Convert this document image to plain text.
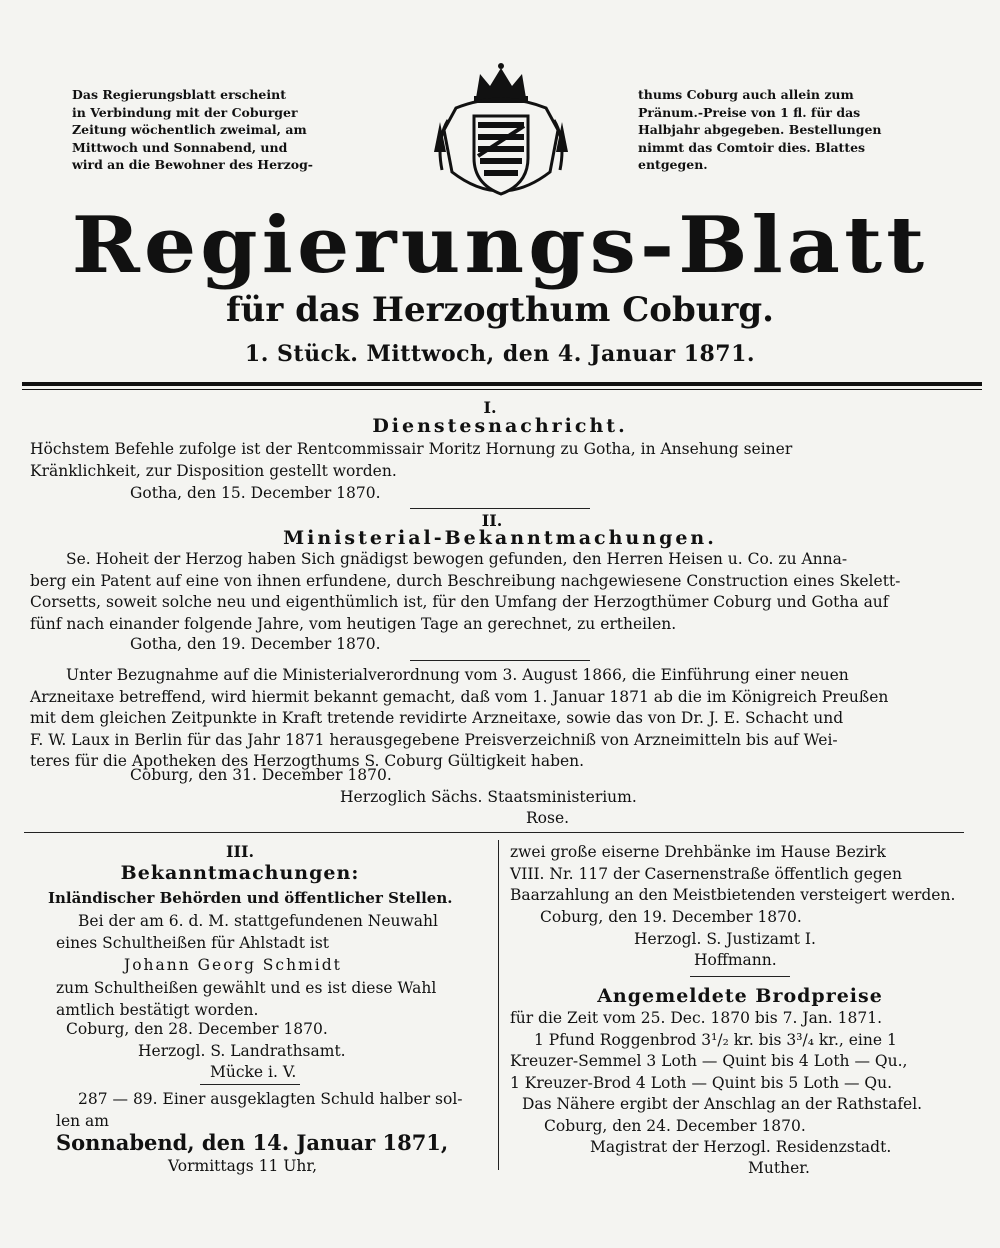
Das Regierungsblatt erscheint
in Verbindung mit der Coburger
Zeitung wöchentlich zweimal, am
Mittwoch und Sonnabend, und
wird an die Bewohner des Herzog-
thums Coburg auch allein zum
Pränum.-Preise von 1 fl. für das
Halbjahr abgegeben. Bestellungen
nimmt das Comtoir dies. Blattes
entgegen.
Regierungs-Blatt
für das Herzogthum Coburg.
1. Stück. Mittwoch, den 4. Januar 1871.
I.
Dienstesnachricht.
Höchstem Befehle zufolge ist der Rentcommissair Moritz Hornung zu Gotha, in Ansehung seiner
Kränklichkeit, zur Disposition gestellt worden.
Gotha, den 15. December 1870.
II.
Ministerial-Bekanntmachungen.
Se. Hoheit der Herzog haben Sich gnädigst bewogen gefunden, den Herren Heisen u. Co. zu Anna-
berg ein Patent auf eine von ihnen erfundene, durch Beschreibung nachgewiesene Construction eines Skelett-
Corsetts, soweit solche neu und eigenthümlich ist, für den Umfang der Herzogthümer Coburg und Gotha auf
fünf nach einander folgende Jahre, vom heutigen Tage an gerechnet, zu ertheilen.
Gotha, den 19. December 1870.
Unter Bezugnahme auf die Ministerialverordnung vom 3. August 1866, die Einführung einer neuen
Arzneitaxe betreffend, wird hiermit bekannt gemacht, daß vom 1. Januar 1871 ab die im Königreich Preußen
mit dem gleichen Zeitpunkte in Kraft tretende revidirte Arzneitaxe, sowie das von Dr. J. E. Schacht und
F. W. Laux in Berlin für das Jahr 1871 herausgegebene Preisverzeichniß von Arzneimitteln bis auf Wei-
teres für die Apotheken des Herzogthums S. Coburg Gültigkeit haben.
Coburg, den 31. December 1870.
Herzoglich Sächs. Staatsministerium.
Rose.
III.
Bekanntmachungen:
Inländischer Behörden und öffentlicher Stellen.
Bei der am 6. d. M. stattgefundenen Neuwahl
eines Schultheißen für Ahlstadt ist
Johann Georg Schmidt
zum Schultheißen gewählt und es ist diese Wahl
amtlich bestätigt worden.
Coburg, den 28. December 1870.
Herzogl. S. Landrathsamt.
Mücke i. V.
287 — 89. Einer ausgeklagten Schuld halber sol-
len am
Sonnabend, den 14. Januar 1871,
Vormittags 11 Uhr,
zwei große eiserne Drehbänke im Hause Bezirk
VIII. Nr. 117 der Casernenstraße öffentlich gegen
Baarzahlung an den Meistbietenden versteigert werden.
Coburg, den 19. December 1870.
Herzogl. S. Justizamt I.
Hoffmann.
Angemeldete Brodpreise
für die Zeit vom 25. Dec. 1870 bis 7. Jan. 1871.
1 Pfund Roggenbrod 3¹/₂ kr. bis 3³/₄ kr., eine 1
Kreuzer-Semmel 3 Loth — Quint bis 4 Loth — Qu.,
1 Kreuzer-Brod 4 Loth — Quint bis 5 Loth — Qu.
Das Nähere ergibt der Anschlag an der Rathstafel.
Coburg, den 24. December 1870.
Magistrat der Herzogl. Residenzstadt.
Muther.
